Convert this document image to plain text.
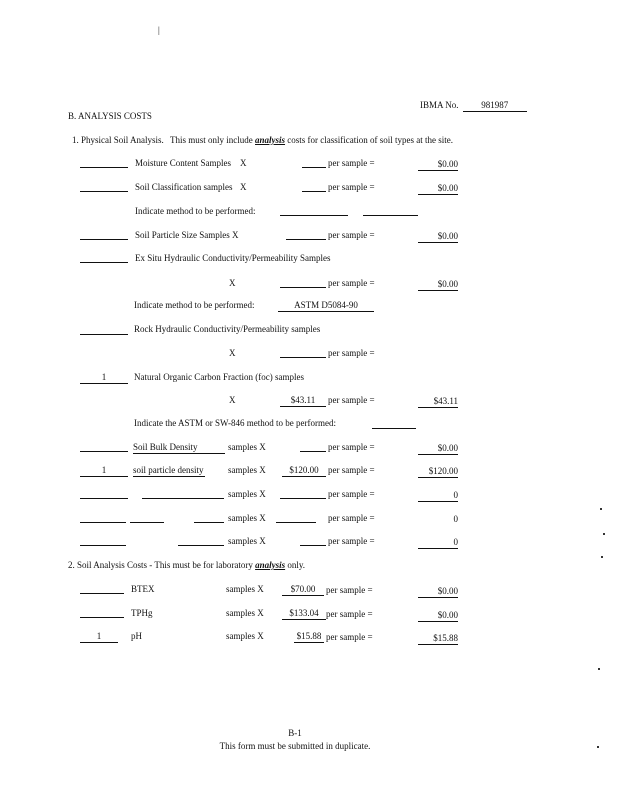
|
B. ANALYSIS COSTS
IBMA No.	981987
1. Physical Soil Analysis. This must only include analysis costs for classification of soil types at the site.
Moisture Content Samples X	per sample =	$0.00
Soil Classification samples X	per sample =	$0.00
Indicate method to be performed:
Soil Particle Size Samples X	per sample =	$0.00
Ex Situ Hydraulic Conductivity/Permeability Samples
X	per sample =	$0.00
Indicate method to be performed:	ASTM D5084-90
Rock Hydraulic Conductivity/Permeability samples
X	per sample =
1	Natural Organic Carbon Fraction (foc) samples
X	$43.11	per sample =	$43.11
Indicate the ASTM or SW-846 method to be performed:
Soil Bulk Density	samples X	per sample =	$0.00
1	soil particle density	samples X	$120.00	per sample =	$120.00
samples X	per sample =	0
samples X	per sample =	0
samples X	per sample =	0
2. Soil Analysis Costs - This must be for laboratory analysis only.
BTEX	samples X	$70.00	per sample =	$0.00
TPHg	samples X	$133.04 per sample =	$0.00
1	pH	samples X	$15.88 per sample =	$15.88
B-1
This form must be submitted in duplicate.
